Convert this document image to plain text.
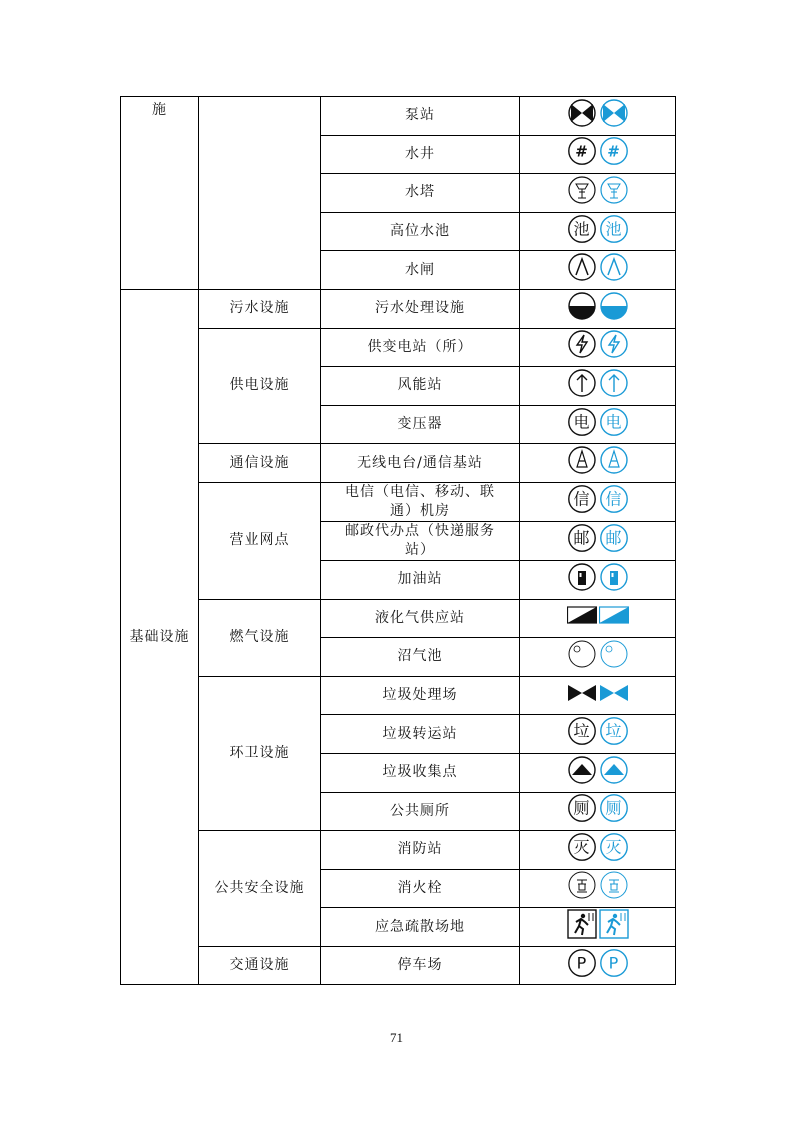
施		泵站	

		水井	# #

		水塔	

		高位水池	池 池

		水闸	

基础设施	污水设施	污水处理设施	

	供电设施	供变电站（所）	

		风能站	

		变压器	电 电

	通信设施	无线电台/通信基站	

	营业网点	电信（电信、移动、联通）机房	信 信

		邮政代办点（快递服务站）	邮 邮

		加油站	

	燃气设施	液化气供应站	

		沼气池	

	环卫设施	垃圾处理场	

		垃圾转运站	垃 垃

		垃圾收集点	

		公共厕所	厕 厕

	公共安全设施	消防站	灭 灭

		消火栓	

		应急疏散场地	

	交通设施	停车场	P P
71
